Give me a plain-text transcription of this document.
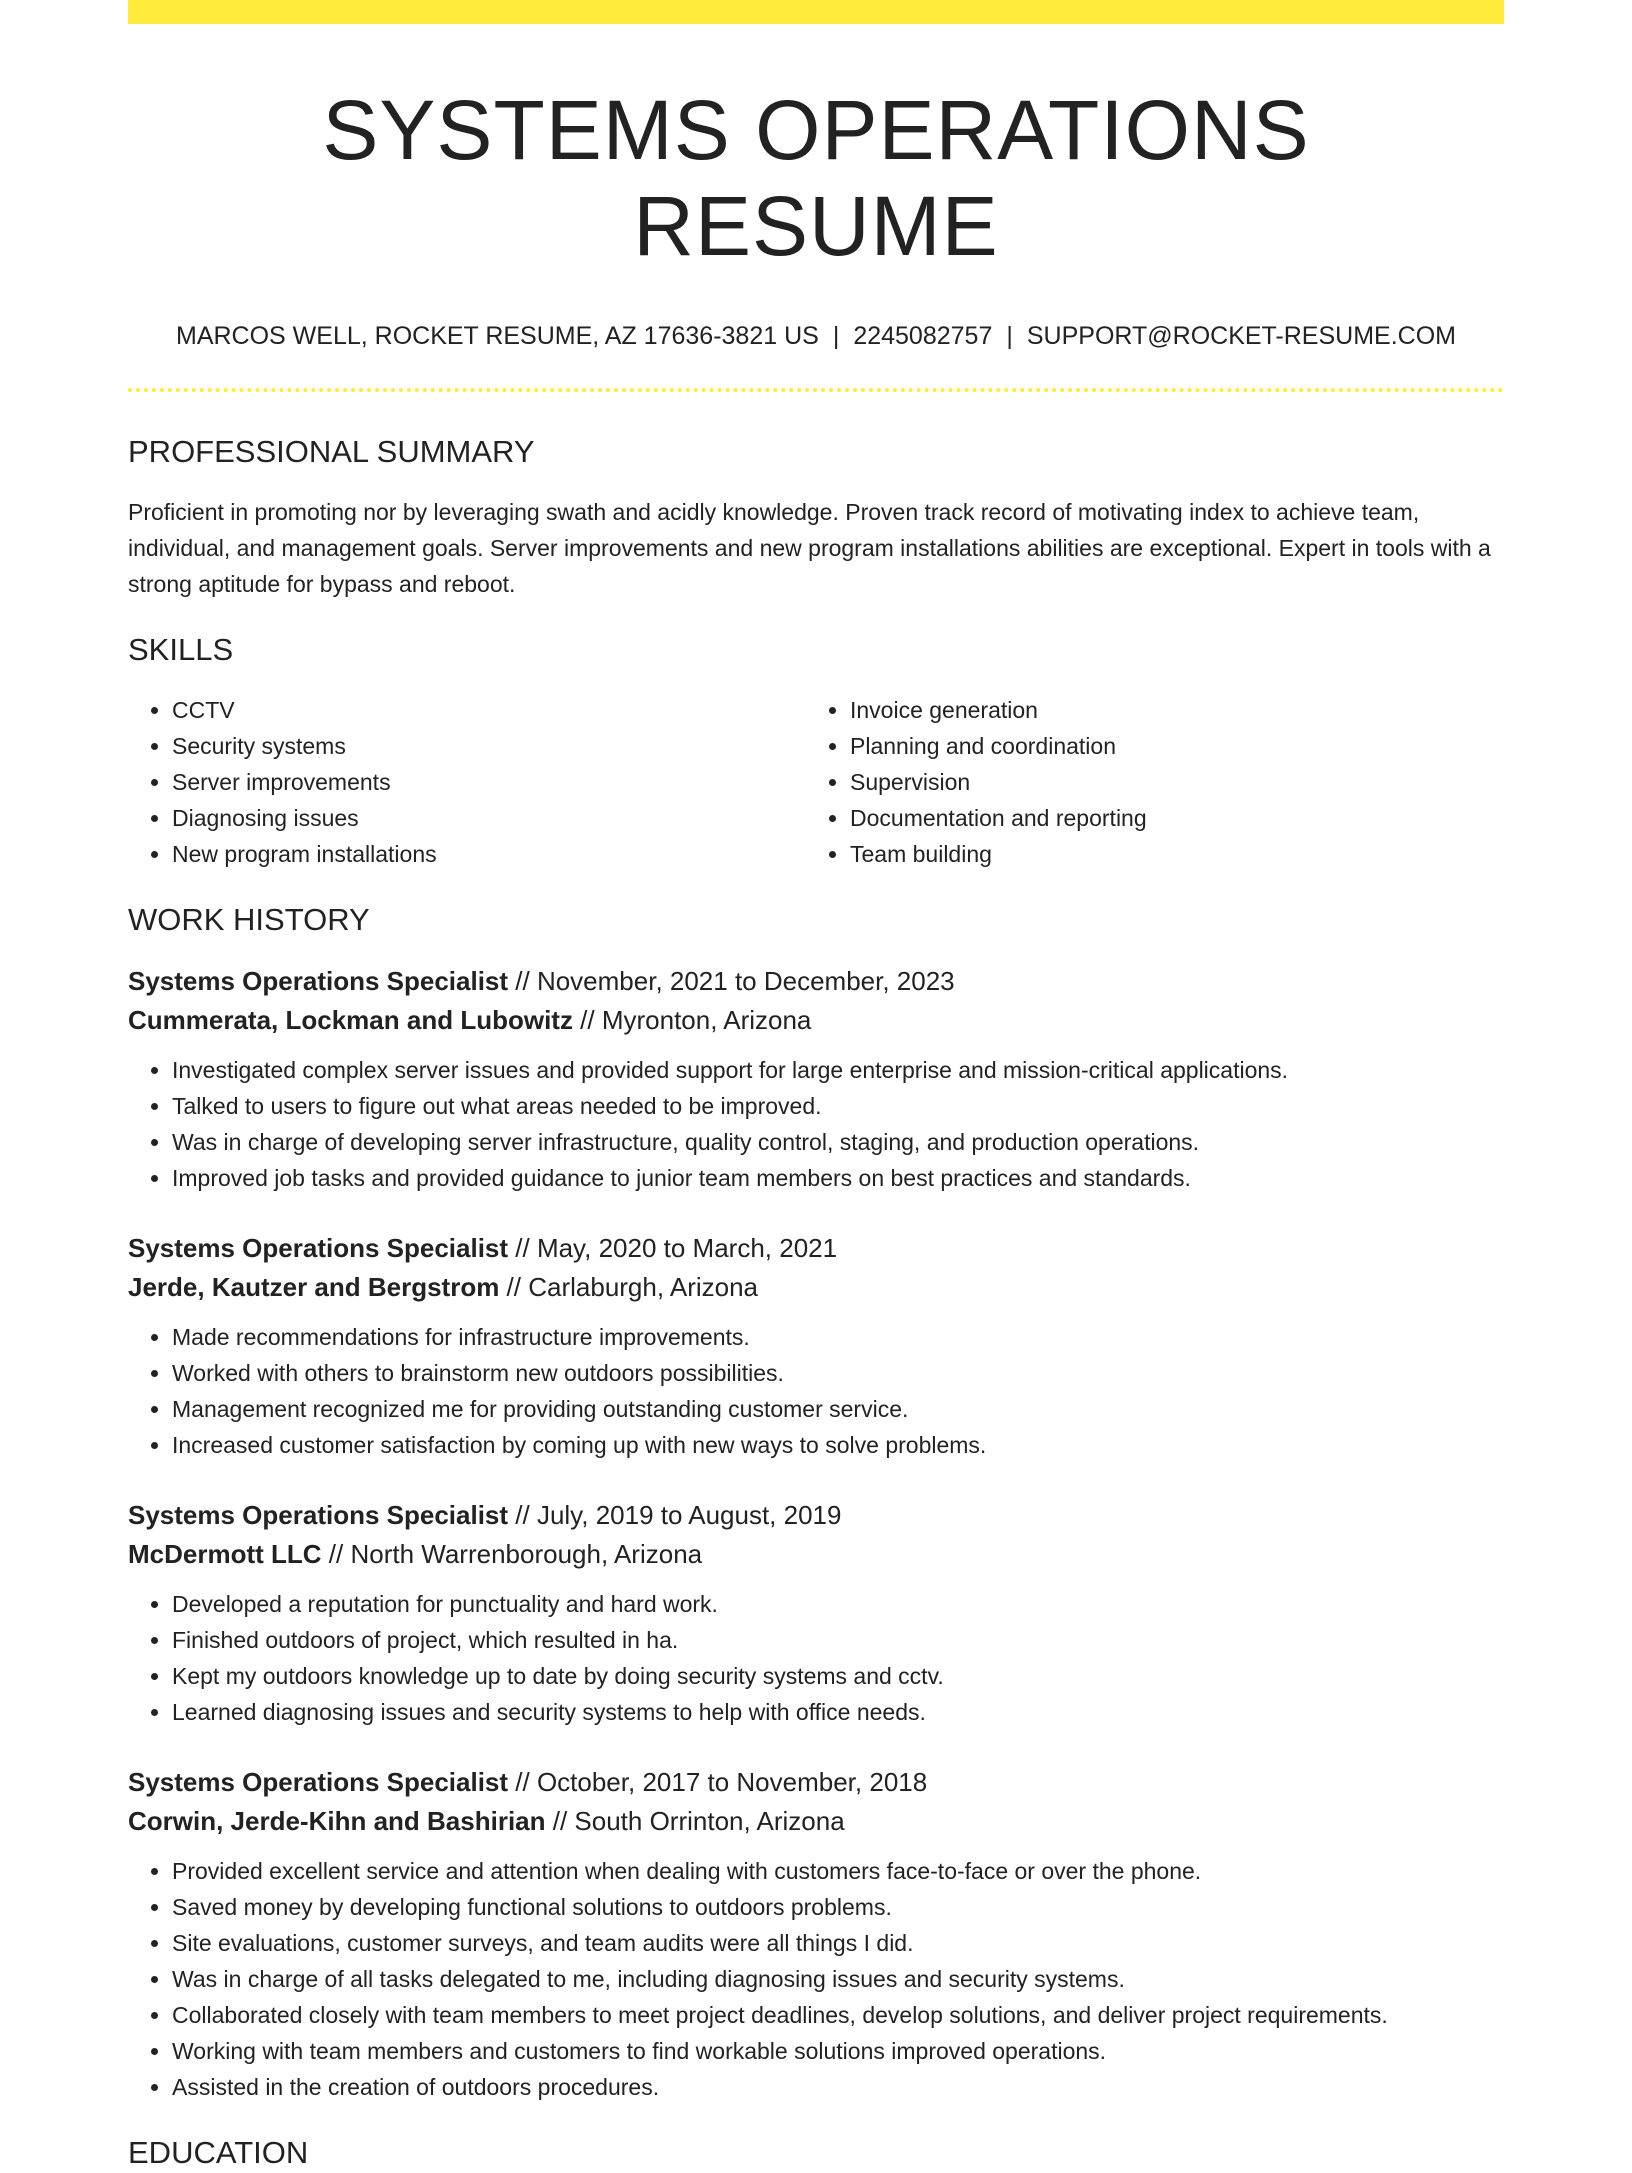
SYSTEMS OPERATIONS RESUME
MARCOS WELL, ROCKET RESUME, AZ 17636-3821 US | 2245082757 | SUPPORT@ROCKET-RESUME.COM
PROFESSIONAL SUMMARY
Proficient in promoting nor by leveraging swath and acidly knowledge. Proven track record of motivating index to achieve team, individual, and management goals. Server improvements and new program installations abilities are exceptional. Expert in tools with a strong aptitude for bypass and reboot.
SKILLS
• CCTV
• Security systems
• Server improvements
• Diagnosing issues
• New program installations
• Invoice generation
• Planning and coordination
• Supervision
• Documentation and reporting
• Team building
WORK HISTORY
Systems Operations Specialist // November, 2021 to December, 2023
Cummerata, Lockman and Lubowitz // Myronton, Arizona
• Investigated complex server issues and provided support for large enterprise and mission-critical applications.
• Talked to users to figure out what areas needed to be improved.
• Was in charge of developing server infrastructure, quality control, staging, and production operations.
• Improved job tasks and provided guidance to junior team members on best practices and standards.
Systems Operations Specialist // May, 2020 to March, 2021
Jerde, Kautzer and Bergstrom // Carlaburgh, Arizona
• Made recommendations for infrastructure improvements.
• Worked with others to brainstorm new outdoors possibilities.
• Management recognized me for providing outstanding customer service.
• Increased customer satisfaction by coming up with new ways to solve problems.
Systems Operations Specialist // July, 2019 to August, 2019
McDermott LLC // North Warrenborough, Arizona
• Developed a reputation for punctuality and hard work.
• Finished outdoors of project, which resulted in ha.
• Kept my outdoors knowledge up to date by doing security systems and cctv.
• Learned diagnosing issues and security systems to help with office needs.
Systems Operations Specialist // October, 2017 to November, 2018
Corwin, Jerde-Kihn and Bashirian // South Orrinton, Arizona
• Provided excellent service and attention when dealing with customers face-to-face or over the phone.
• Saved money by developing functional solutions to outdoors problems.
• Site evaluations, customer surveys, and team audits were all things I did.
• Was in charge of all tasks delegated to me, including diagnosing issues and security systems.
• Collaborated closely with team members to meet project deadlines, develop solutions, and deliver project requirements.
• Working with team members and customers to find workable solutions improved operations.
• Assisted in the creation of outdoors procedures.
EDUCATION
